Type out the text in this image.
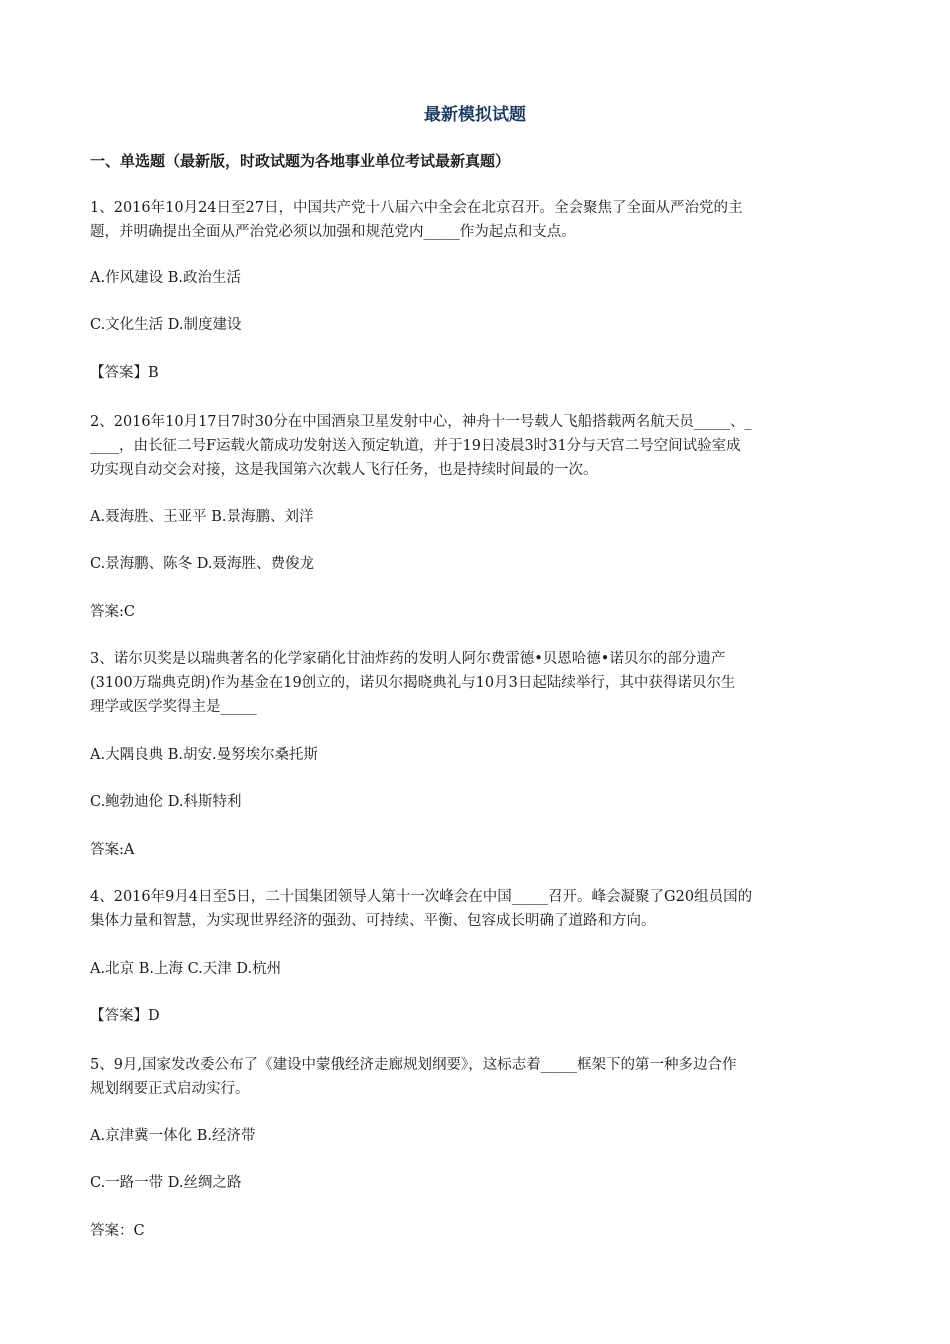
最新模拟试题
一、单选题（最新版，时政试题为各地事业单位考试最新真题）
1、2016年10月24日至27日，中国共产党十八届六中全会在北京召开。全会聚焦了全面从严治党的主
题，并明确提出全面从严治党必须以加强和规范党内_____作为起点和支点。
A.作风建设 B.政治生活
C.文化生活 D.制度建设
【答案】B
2、2016年10月17日7时30分在中国酒泉卫星发射中心，神舟十一号载人飞船搭载两名航天员_____、_
____，由长征二号F运载火箭成功发射送入预定轨道，并于19日凌晨3时31分与天宫二号空间试验室成
功实现自动交会对接，这是我国第六次载人飞行任务，也是持续时间最的一次。
A.聂海胜、王亚平 B.景海鹏、刘洋
C.景海鹏、陈冬 D.聂海胜、费俊龙
答案:C
3、诺尔贝奖是以瑞典著名的化学家硝化甘油炸药的发明人阿尔费雷德•贝恩哈德•诺贝尔的部分遗产
(3100万瑞典克朗)作为基金在19创立的，诺贝尔揭晓典礼与10月3日起陆续举行，其中获得诺贝尔生
理学或医学奖得主是_____
A.大隅良典 B.胡安.曼努埃尔桑托斯
C.鲍勃迪伦 D.科斯特利
答案:A
4、2016年9月4日至5日，二十国集团领导人第十一次峰会在中国_____召开。峰会凝聚了G20组员国的
集体力量和智慧，为实现世界经济的强劲、可持续、平衡、包容成长明确了道路和方向。
A.北京 B.上海 C.天津 D.杭州
【答案】D
5、9月,国家发改委公布了《建设中蒙俄经济走廊规划纲要》，这标志着_____框架下的第一种多边合作
规划纲要正式启动实行。
A.京津冀一体化 B.经济带
C.一路一带 D.丝绸之路
答案：C
